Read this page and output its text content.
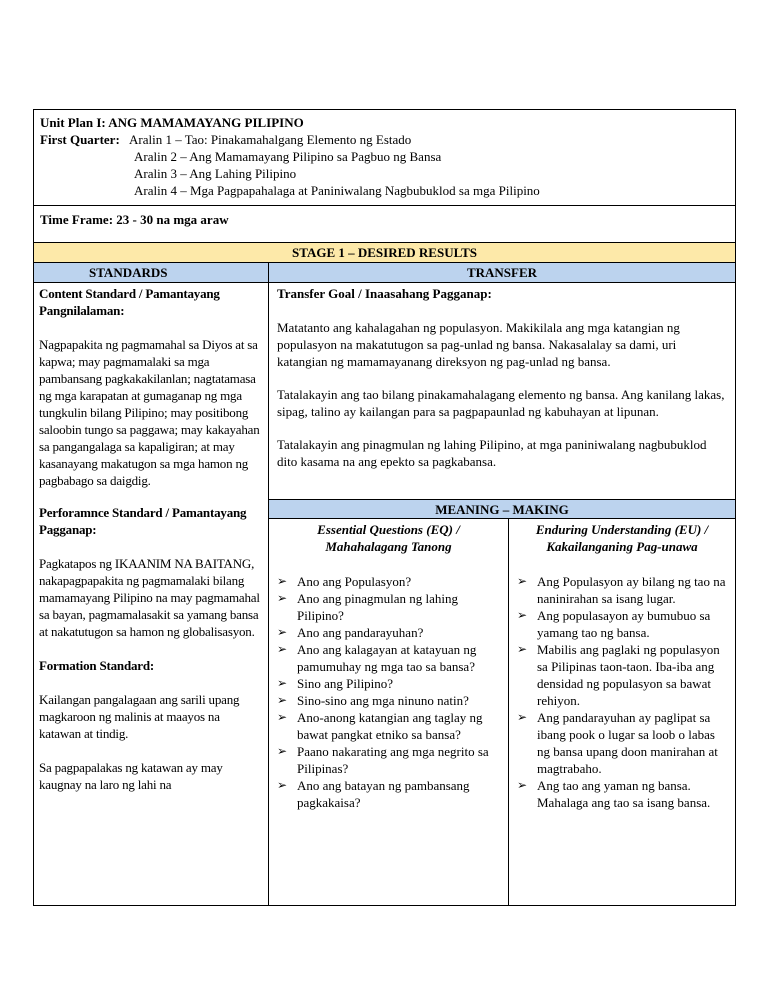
Unit Plan I: ANG MAMAMAYANG PILIPINO
First Quarter: Aralin 1 – Tao: Pinakamahalgang Elemento ng Estado
Aralin 2 – Ang Mamamayang Pilipino sa Pagbuo ng Bansa
Aralin 3 – Ang Lahing Pilipino
Aralin 4 – Mga Pagpapahalaga at Paniniwalang Nagbubuklod sa mga Pilipino
Time Frame: 23 - 30 na mga araw
STAGE 1 – DESIRED RESULTS
STANDARDS
Content Standard / Pamantayang Pangnilalaman:
Nagpapakita ng pagmamahal sa Diyos at sa kapwa; may pagmamalaki sa mga pambansang pagkakakilanlan; nagtatamasa ng mga karapatan at gumaganap ng mga tungkulin bilang Pilipino; may positibong saloobin tungo sa paggawa; may kakayahan sa pangangalaga sa kapaligiran; at may kasanayang makatugon sa mga hamon ng pagbabago sa daigdig.
Perforamnce Standard / Pamantayang Pagganap:
Pagkatapos ng IKAANIM NA BAITANG, nakapagpapakita ng pagmamalaki bilang mamamayang Pilipino na may pagmamahal sa bayan, pagmamalasakit sa yamang bansa at nakatutugon sa hamon ng globalisasyon.
Formation Standard:
Kailangan pangalagaan ang sarili upang magkaroon ng malinis at maayos na katawan at tindig.
Sa pagpapalakas ng katawan ay may kaugnay na laro ng lahi na
TRANSFER
Transfer Goal / Inaasahang Pagganap:
Matatanto ang kahalagahan ng populasyon. Makikilala ang mga katangian ng populasyon na makatutugon sa pag-unlad ng bansa. Nakasalalay sa dami, uri katangian ng mamamayanang direksyon ng pag-unlad ng bansa.
Tatalakayin ang tao bilang pinakamahalagang elemento ng bansa. Ang kanilang lakas, sipag, talino ay kailangan para sa pagpapaunlad ng kabuhayan at lipunan.
Tatalakayin ang pinagmulan ng lahing Pilipino, at mga paniniwalang nagbubuklod dito kasama na ang epekto sa pagkabansa.
MEANING – MAKING
Essential Questions (EQ) /
Mahahalagang Tanong
➢ Ano ang Populasyon?
➢ Ano ang pinagmulan ng lahing Pilipino?
➢ Ano ang pandarayuhan?
➢ Ano ang kalagayan at katayuan ng pamumuhay ng mga tao sa bansa?
➢ Sino ang Pilipino?
➢ Sino-sino ang mga ninuno natin?
➢ Ano-anong katangian ang taglay ng bawat pangkat etniko sa bansa?
➢ Paano nakarating ang mga negrito sa Pilipinas?
➢ Ano ang batayan ng pambansang pagkakaisa?
Enduring Understanding (EU) /
Kakailanganing Pag-unawa
➢ Ang Populasyon ay bilang ng tao na naninirahan sa isang lugar.
➢ Ang populasayon ay bumubuo sa yamang tao ng bansa.
➢ Mabilis ang paglaki ng populasyon sa Pilipinas taon-taon. Iba-iba ang densidad ng populasyon sa bawat rehiyon.
➢ Ang pandarayuhan ay paglipat sa ibang pook o lugar sa loob o labas ng bansa upang doon manirahan at magtrabaho.
➢ Ang tao ang yaman ng bansa. Mahalaga ang tao sa isang bansa.
